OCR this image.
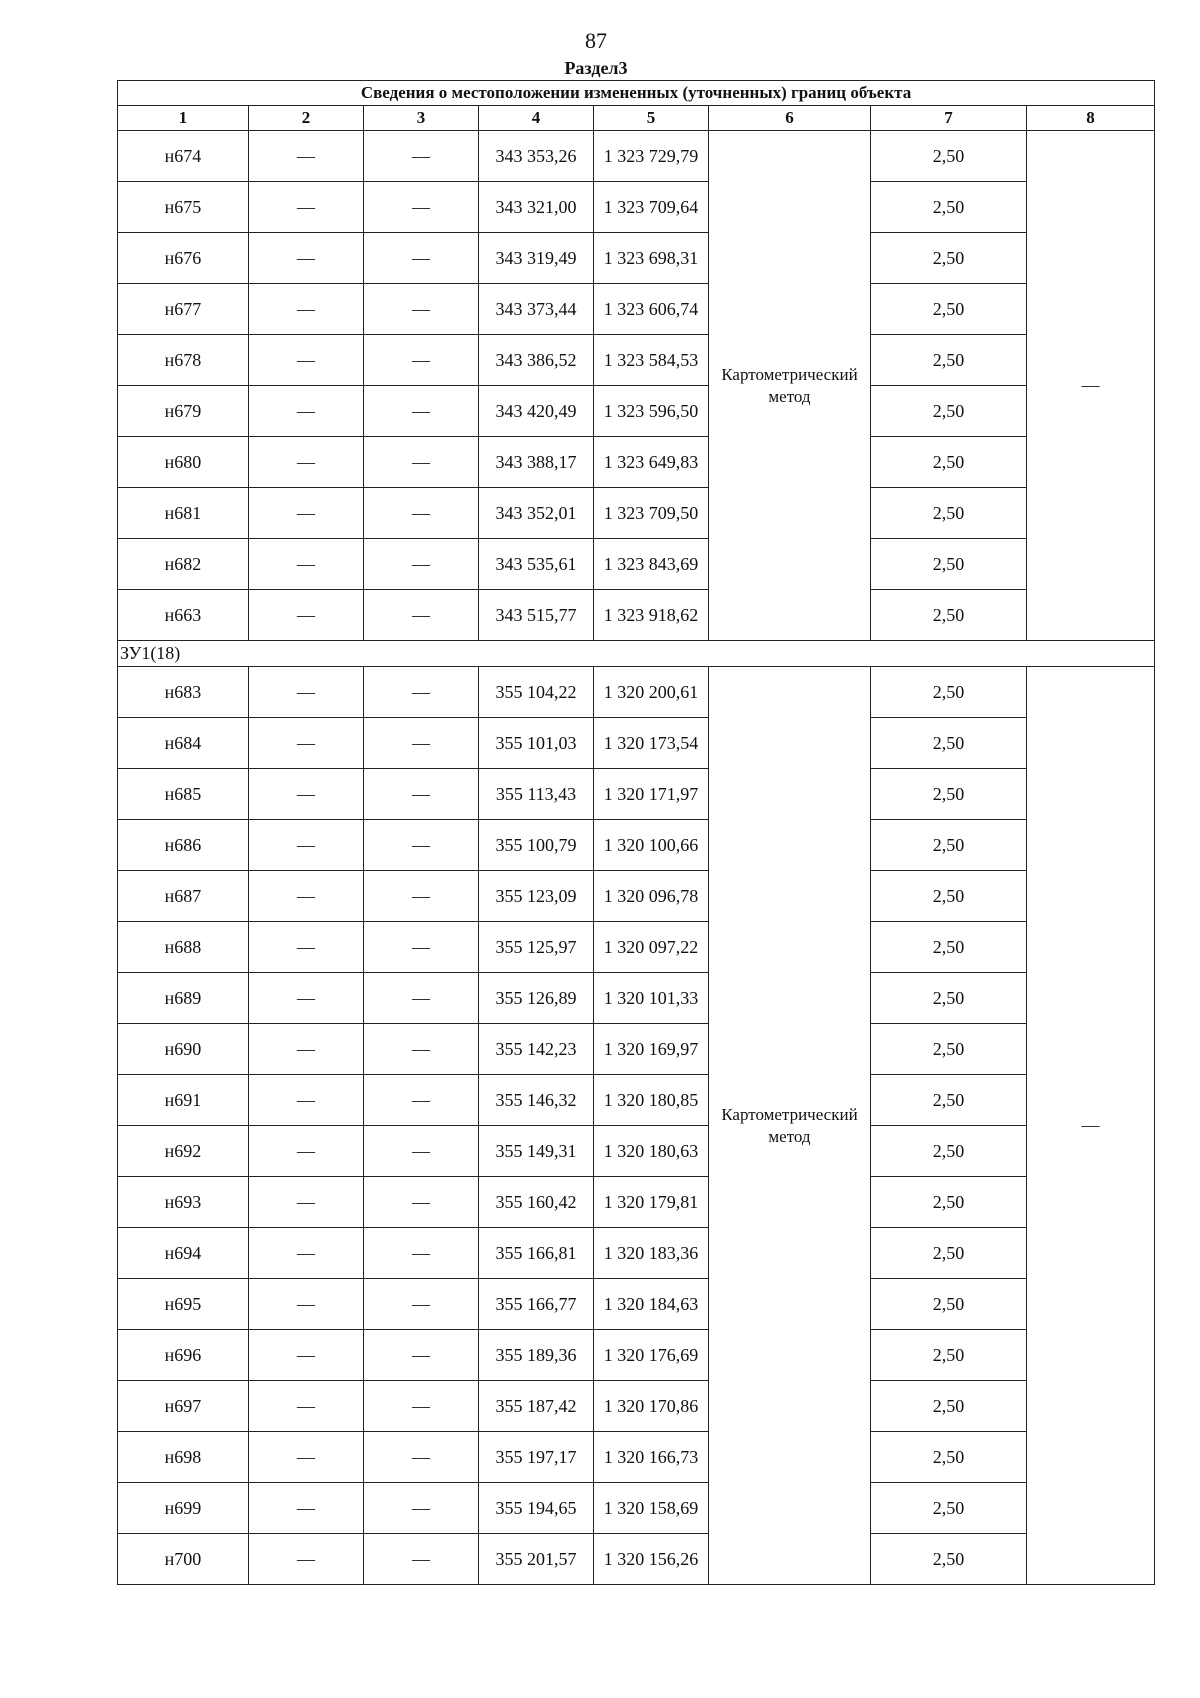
87
Раздел3
Сведения о местоположении измененных (уточненных) границ объекта							
1	2	3	4	5	6	7	8
н674	—	—	343 353,26	1 323 729,79	Картометрический метод	2,50	—
н675	—	—	343 321,00	1 323 709,64		2,50	
н676	—	—	343 319,49	1 323 698,31		2,50	
н677	—	—	343 373,44	1 323 606,74		2,50	
н678	—	—	343 386,52	1 323 584,53		2,50	
н679	—	—	343 420,49	1 323 596,50		2,50	
н680	—	—	343 388,17	1 323 649,83		2,50	
н681	—	—	343 352,01	1 323 709,50		2,50	
н682	—	—	343 535,61	1 323 843,69		2,50	
н663	—	—	343 515,77	1 323 918,62		2,50	
ЗУ1(18)							
н683	—	—	355 104,22	1 320 200,61	Картометрический метод	2,50	—
н684	—	—	355 101,03	1 320 173,54		2,50	
н685	—	—	355 113,43	1 320 171,97		2,50	
н686	—	—	355 100,79	1 320 100,66		2,50	
н687	—	—	355 123,09	1 320 096,78		2,50	
н688	—	—	355 125,97	1 320 097,22		2,50	
н689	—	—	355 126,89	1 320 101,33		2,50	
н690	—	—	355 142,23	1 320 169,97		2,50	
н691	—	—	355 146,32	1 320 180,85		2,50	
н692	—	—	355 149,31	1 320 180,63		2,50	
н693	—	—	355 160,42	1 320 179,81		2,50	
н694	—	—	355 166,81	1 320 183,36		2,50	
н695	—	—	355 166,77	1 320 184,63		2,50	
н696	—	—	355 189,36	1 320 176,69		2,50	
н697	—	—	355 187,42	1 320 170,86		2,50	
н698	—	—	355 197,17	1 320 166,73		2,50	
н699	—	—	355 194,65	1 320 158,69		2,50	
н700	—	—	355 201,57	1 320 156,26		2,50	
